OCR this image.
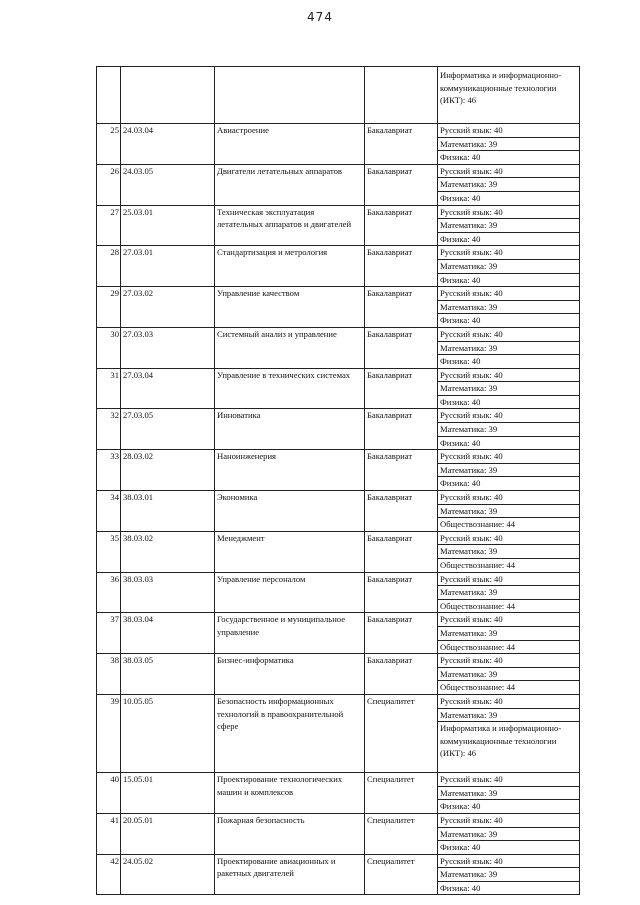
474
				Информатика и информационно-коммуникационные технологии (ИКТ): 46
25	24.03.04	Авиастроение	Бакалавриат	Русский язык: 40
				Математика: 39
				Физика: 40
26	24.03.05	Двигатели летательных аппаратов	Бакалавриат	Русский язык: 40
				Математика: 39
				Физика: 40
27	25.03.01	Техническая эксплуатация летательных аппаратов и двигателей	Бакалавриат	Русский язык: 40
				Математика: 39
				Физика: 40
28	27.03.01	Стандартизация и метрология	Бакалавриат	Русский язык: 40
				Математика: 39
				Физика: 40
29	27.03.02	Управление качеством	Бакалавриат	Русский язык: 40
				Математика: 39
				Физика: 40
30	27.03.03	Системный анализ и управление	Бакалавриат	Русский язык: 40
				Математика: 39
				Физика: 40
31	27.03.04	Управление в технических системах	Бакалавриат	Русский язык: 40
				Математика: 39
				Физика: 40
32	27.03.05	Инноватика	Бакалавриат	Русский язык: 40
				Математика: 39
				Физика: 40
33	28.03.02	Наноинженерия	Бакалавриат	Русский язык: 40
				Математика: 39
				Физика: 40
34	38.03.01	Экономика	Бакалавриат	Русский язык: 40
				Математика: 39
				Обществознание: 44
35	38.03.02	Менеджмент	Бакалавриат	Русский язык: 40
				Математика: 39
				Обществознание: 44
36	38.03.03	Управление персоналом	Бакалавриат	Русский язык: 40
				Математика: 39
				Обществознание: 44
37	38.03.04	Государственное и муниципальное управление	Бакалавриат	Русский язык: 40
				Математика: 39
				Обществознание: 44
38	38.03.05	Бизнес-информатика	Бакалавриат	Русский язык: 40
				Математика: 39
				Обществознание: 44
39	10.05.05	Безопасность информационных технологий в правоохранительной сфере	Специалитет	Русский язык: 40
				Математика: 39
				Информатика и информационно-коммуникационные технологии (ИКТ): 46
40	15.05.01	Проектирование технологических машин и комплексов	Специалитет	Русский язык: 40
				Математика: 39
				Физика: 40
41	20.05.01	Пожарная безопасность	Специалитет	Русский язык: 40
				Математика: 39
				Физика: 40
42	24.05.02	Проектирование авиационных и ракетных двигателей	Специалитет	Русский язык: 40
				Математика: 39
				Физика: 40
